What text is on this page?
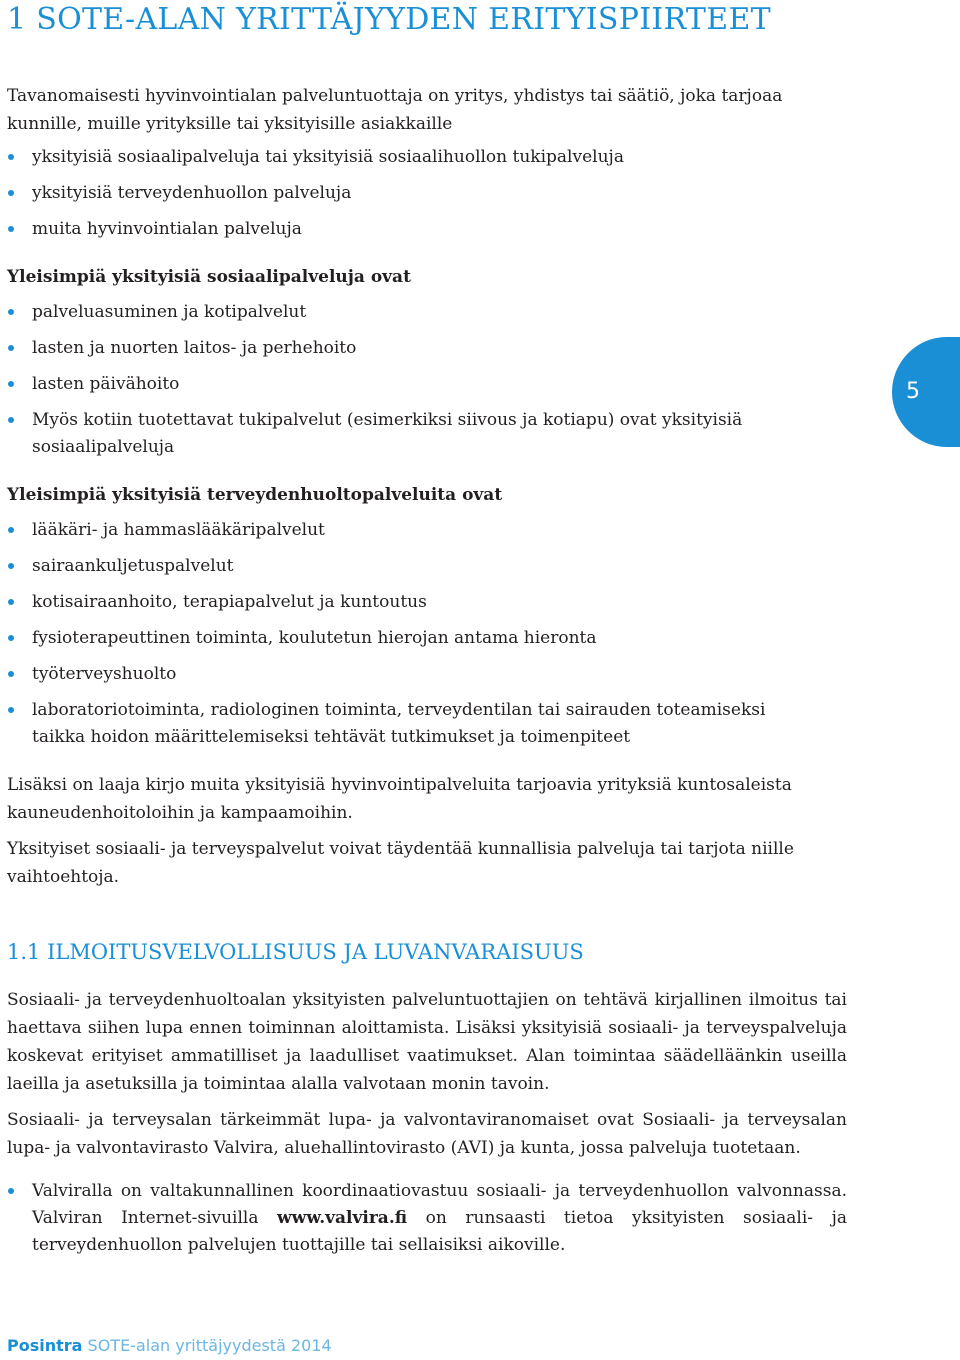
1 SOTE-ALAN YRITTÄJYYDEN ERITYISPIIRTEET

Tavanomaisesti hyvinvointialan palveluntuottaja on yritys, yhdistys tai säätiö, joka tarjoaa kunnille, muille yrityksille tai yksityisille asiakkaille

yksityisiä sosiaalipalveluja tai yksityisiä sosiaalihuollon tukipalveluja
yksityisiä terveydenhuollon palveluja
muita hyvinvointialan palveluja

Yleisimpiä yksityisiä sosiaalipalveluja ovat

palveluasuminen ja kotipalvelut
lasten ja nuorten laitos- ja perhehoito
lasten päivähoito
Myös kotiin tuotettavat tukipalvelut (esimerkiksi siivous ja kotiapu) ovat yksityisiä sosiaalipalveluja

Yleisimpiä yksityisiä terveydenhuoltopalveluita ovat

lääkäri- ja hammaslääkäripalvelut
sairaankuljetuspalvelut
kotisairaanhoito, terapiapalvelut ja kuntoutus
fysioterapeuttinen toiminta, koulutetun hierojan antama hieronta
työterveyshuolto
laboratoriotoiminta, radiologinen toiminta, terveydentilan tai sairauden toteamiseksi taikka hoidon määrittelemiseksi tehtävät tutkimukset ja toimenpiteet

Lisäksi on laaja kirjo muita yksityisiä hyvinvointipalveluita tarjoavia yrityksiä kuntosaleista kauneudenhoitoloihin ja kampaamoihin.

Yksityiset sosiaali- ja terveyspalvelut voivat täydentää kunnallisia palveluja tai tarjota niille vaihtoehtoja.

1.1 ILMOITUSVELVOLLISUUS JA LUVANVARAISUUS

Sosiaali- ja terveydenhuoltoalan yksityisten palveluntuottajien on tehtävä kirjallinen ilmoitus tai haettava siihen lupa ennen toiminnan aloittamista. Lisäksi yksityisiä sosiaali- ja terveyspalveluja koskevat erityiset ammatilliset ja laadulliset vaatimukset. Alan toimintaa säädelläänkin useilla laeilla ja asetuksilla ja toimintaa alalla valvotaan monin tavoin.

Sosiaali- ja terveysalan tärkeimmät lupa- ja valvontaviranomaiset ovat Sosiaali- ja terveysalan lupa- ja valvontavirasto Valvira, aluehallintovirasto (AVI) ja kunta, jossa palveluja tuotetaan.

Valviralla on valtakunnallinen koordinaatiovastuu sosiaali- ja terveydenhuollon valvonnassa. Valviran Internet-sivuilla www.valvira.fi on runsaasti tietoa yksityisten sosiaali- ja terveydenhuollon palvelujen tuottajille tai sellaisiksi aikoville.
5
Posintra SOTE-alan yrittäjyydestä 2014
